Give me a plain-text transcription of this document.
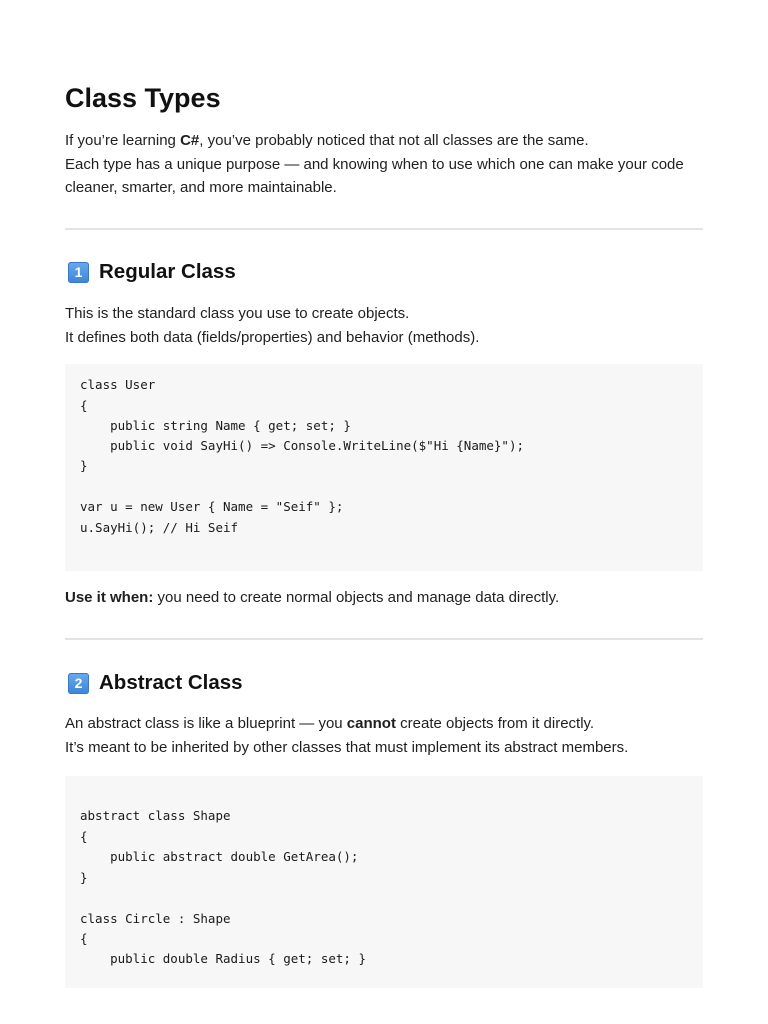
Class Types

If you’re learning C#, you’ve probably noticed that not all classes are the same.

Each type has a unique purpose — and knowing when to use which one can make your code cleaner, smarter, and more maintainable.

1 Regular Class

This is the standard class you use to create objects.

It defines both data (fields/properties) and behavior (methods).

class User
{
public string Name { get; set; }
public void SayHi() => Console.WriteLine($"Hi {Name}");
}
var u = new User { Name = "Seif" };
u.SayHi(); // Hi Seif
Use it when: you need to create normal objects and manage data directly.
2 Abstract Class

An abstract class is like a blueprint — you cannot create objects from it directly.

It’s meant to be inherited by other classes that must implement its abstract members.

abstract class Shape
{
public abstract double GetArea();
}
class Circle : Shape
{
public double Radius { get; set; }
